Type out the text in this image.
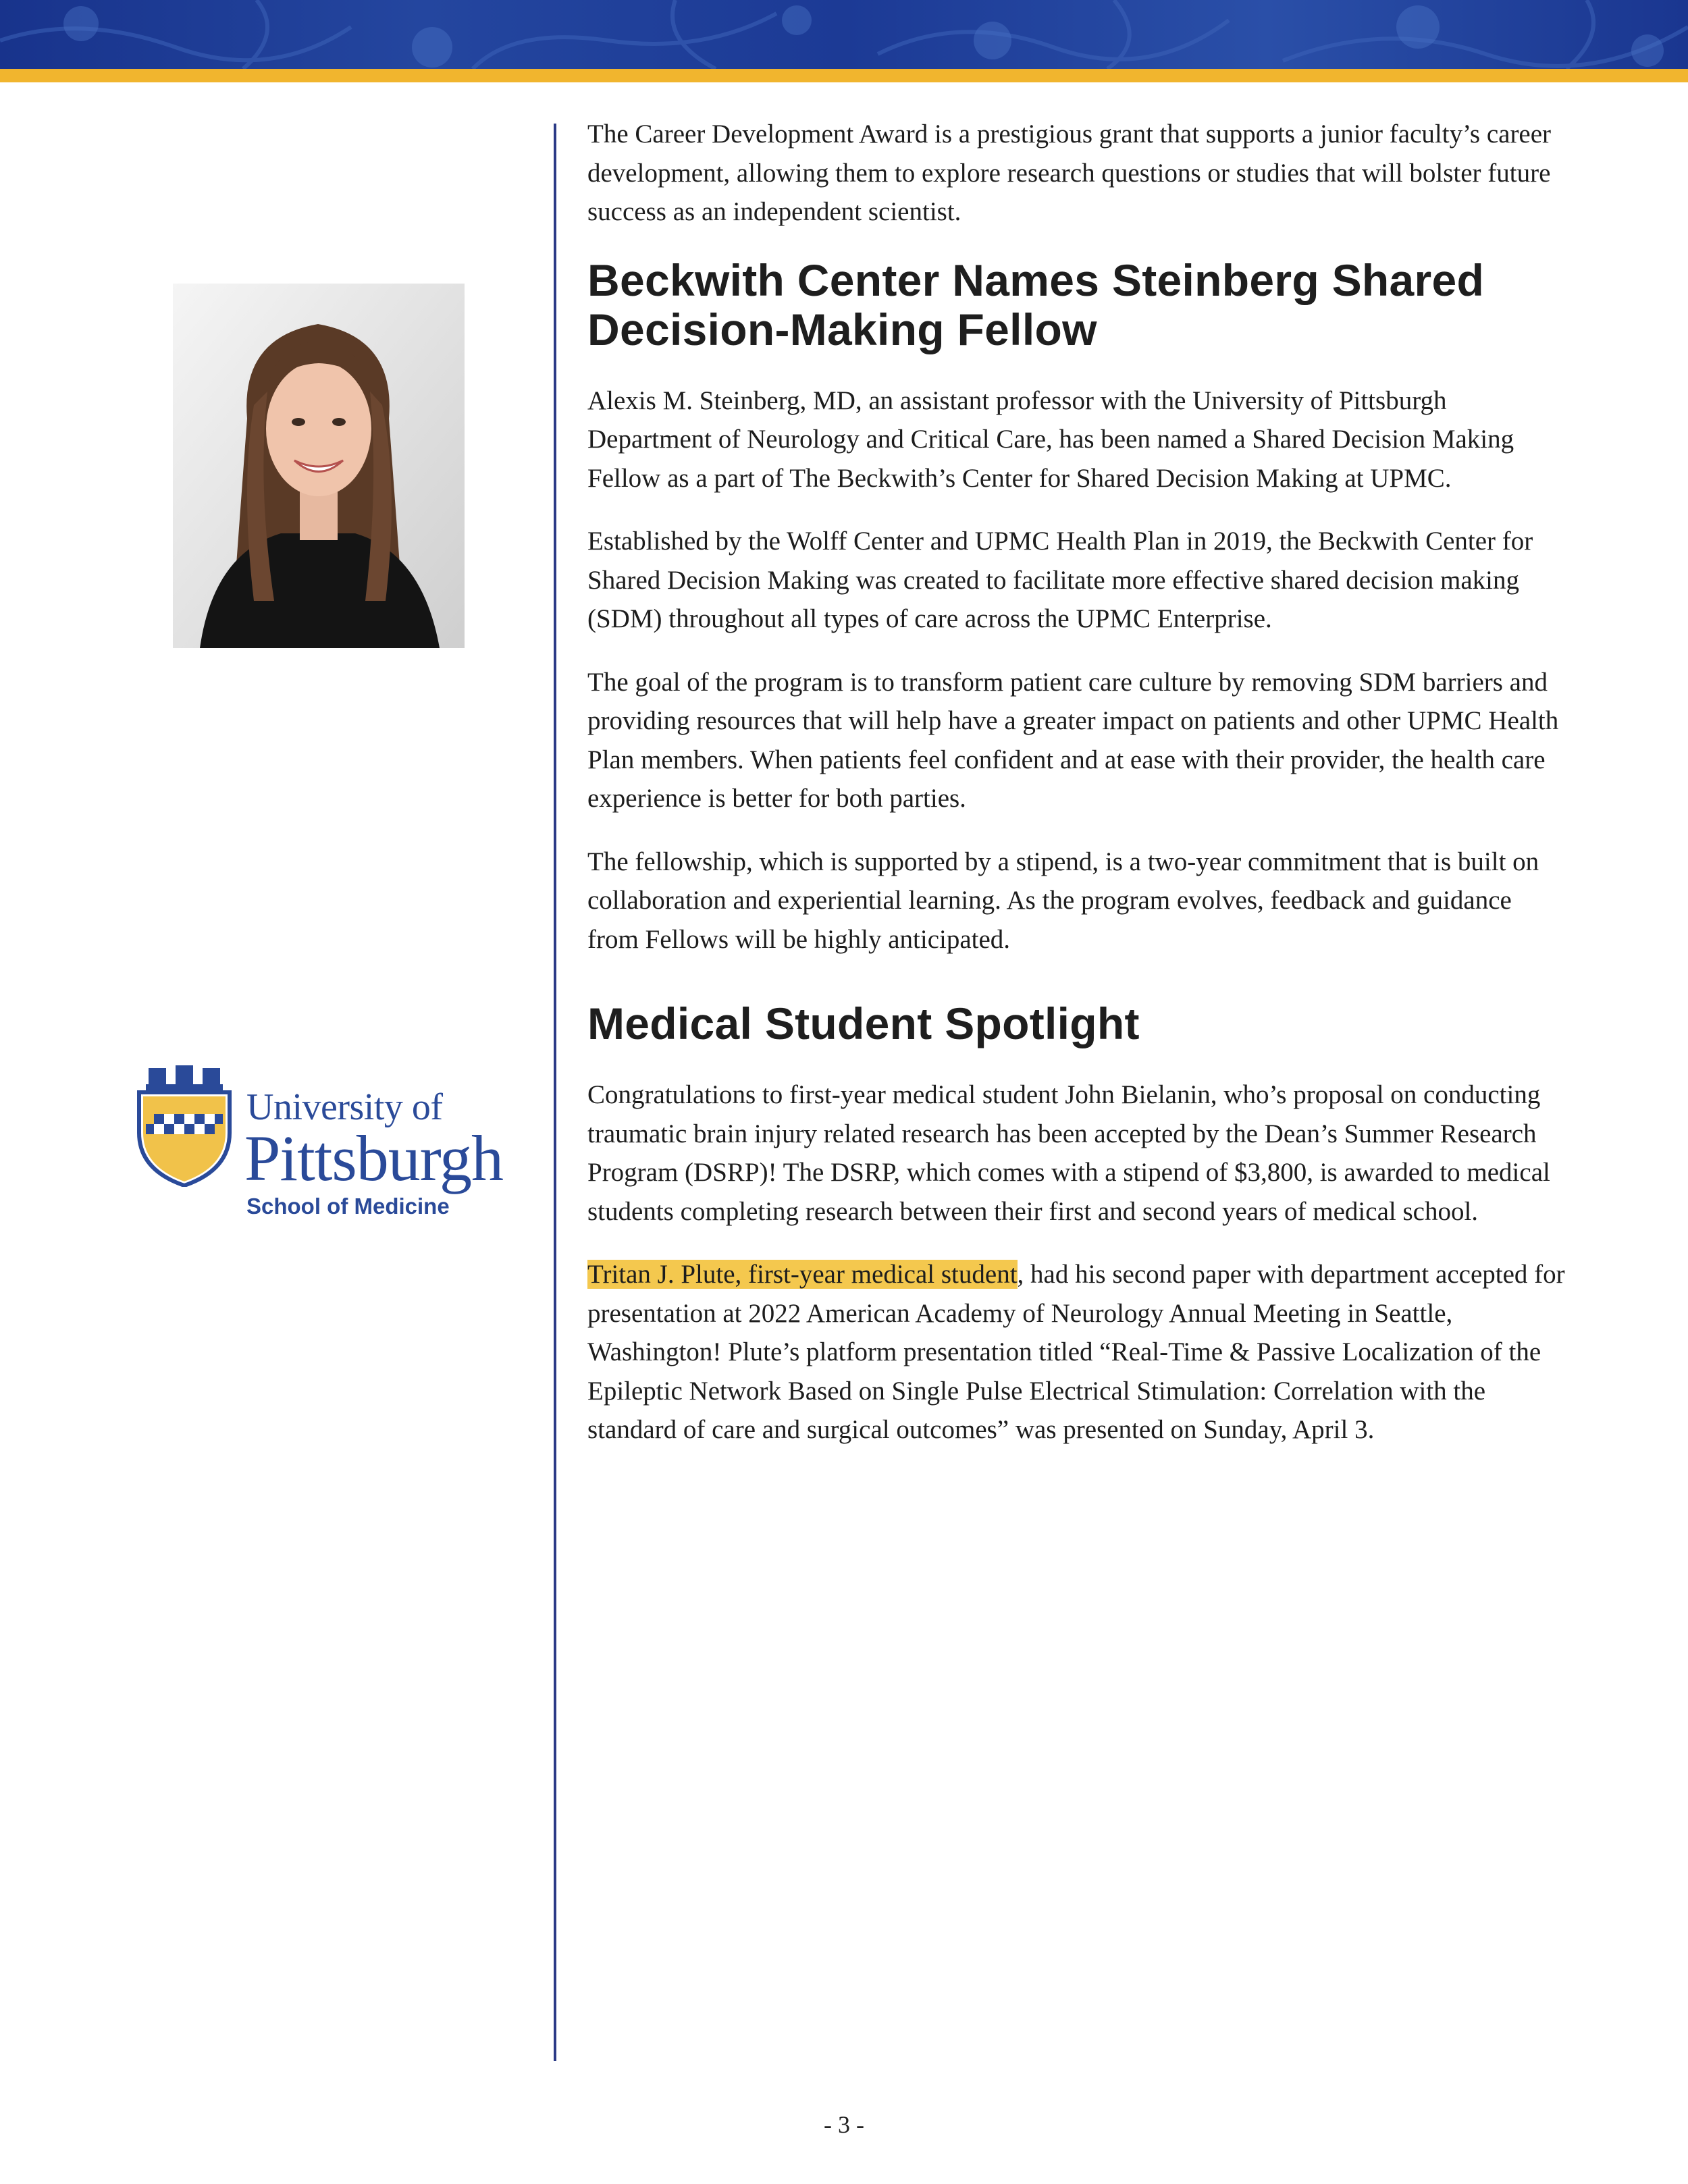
University of
Pittsburgh
School of Medicine

The Career Development Award is a prestigious grant that supports a junior faculty’s career development, allowing them to explore research questions or studies that will bolster future success as an independent scientist.

Beckwith Center Names Steinberg Shared Decision-Making Fellow

Alexis M. Steinberg, MD, an assistant professor with the University of Pittsburgh Department of Neurology and Critical Care, has been named a Shared Decision Making Fellow as a part of The Beckwith’s Center for Shared Decision Making at UPMC.

Established by the Wolff Center and UPMC Health Plan in 2019, the Beckwith Center for Shared Decision Making was created to facilitate more effective shared decision making (SDM) throughout all types of care across the UPMC Enterprise.

The goal of the program is to transform patient care culture by removing SDM barriers and providing resources that will help have a greater impact on patients and other UPMC Health Plan members. When patients feel confident and at ease with their provider, the health care experience is better for both parties.

The fellowship, which is supported by a stipend, is a two-year commitment that is built on collaboration and experiential learning. As the program evolves, feedback and guidance from Fellows will be highly anticipated.

Medical Student Spotlight

Congratulations to first-year medical student John Bielanin, who’s proposal on conducting traumatic brain injury related research has been accepted by the Dean’s Summer Research Program (DSRP)! The DSRP, which comes with a stipend of $3,800, is awarded to medical students completing research between their first and second years of medical school.

Tritan J. Plute, first-year medical student, had his second paper with department accepted for presentation at 2022 American Academy of Neurology Annual Meeting in Seattle, Washington! Plute’s platform presentation titled “Real-Time & Passive Localization of the Epileptic Network Based on Single Pulse Electrical Stimulation: Correlation with the standard of care and surgical outcomes” was presented on Sunday, April 3.

- 3 -
